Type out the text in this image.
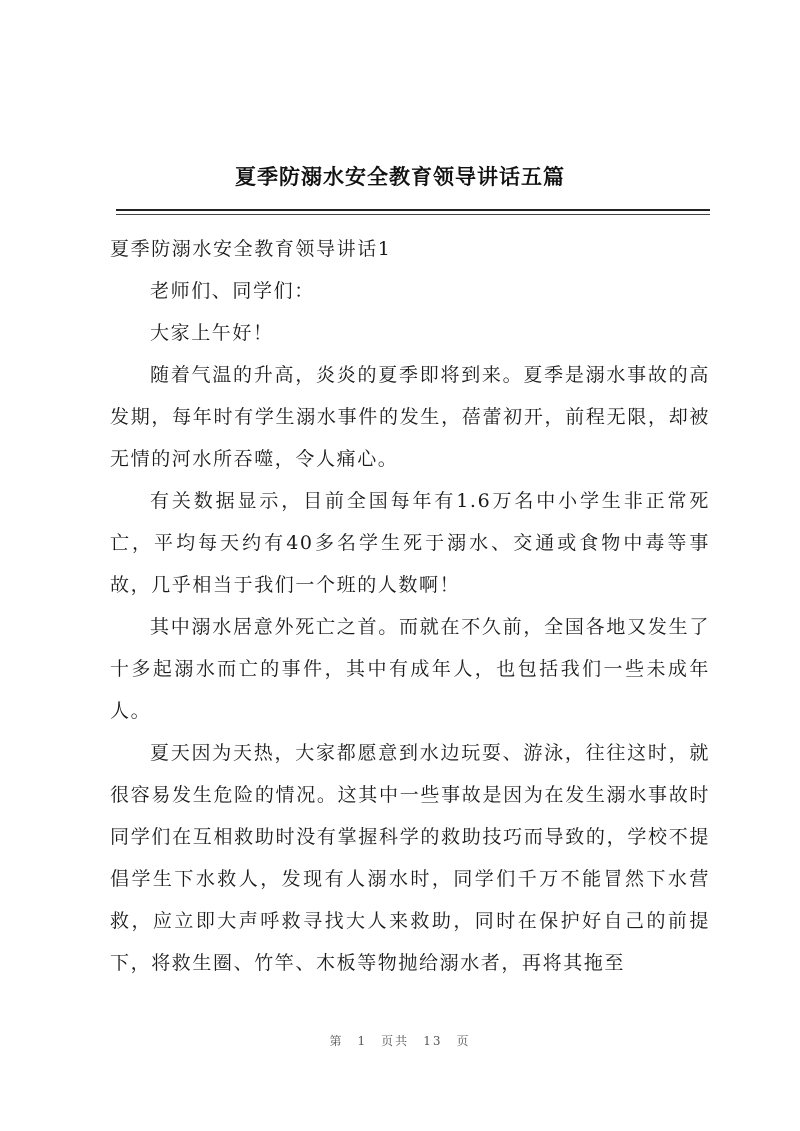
夏季防溺水安全教育领导讲话五篇

夏季防溺水安全教育领导讲话1

老师们、同学们：

大家上午好！

随着气温的升高，炎炎的夏季即将到来。夏季是溺水事故的高发期，每年时有学生溺水事件的发生，蓓蕾初开，前程无限，却被无情的河水所吞噬，令人痛心。

有关数据显示，目前全国每年有1.6万名中小学生非正常死亡，平均每天约有40多名学生死于溺水、交通或食物中毒等事故，几乎相当于我们一个班的人数啊！

其中溺水居意外死亡之首。而就在不久前，全国各地又发生了十多起溺水而亡的事件，其中有成年人，也包括我们一些未成年人。

夏天因为天热，大家都愿意到水边玩耍、游泳，往往这时，就很容易发生危险的情况。这其中一些事故是因为在发生溺水事故时同学们在互相救助时没有掌握科学的救助技巧而导致的，学校不提倡学生下水救人，发现有人溺水时，同学们千万不能冒然下水营救，应立即大声呼救寻找大人来救助，同时在保护好自己的前提下，将救生圈、竹竿、木板等物抛给溺水者，再将其拖至

第 1 页共 13 页
